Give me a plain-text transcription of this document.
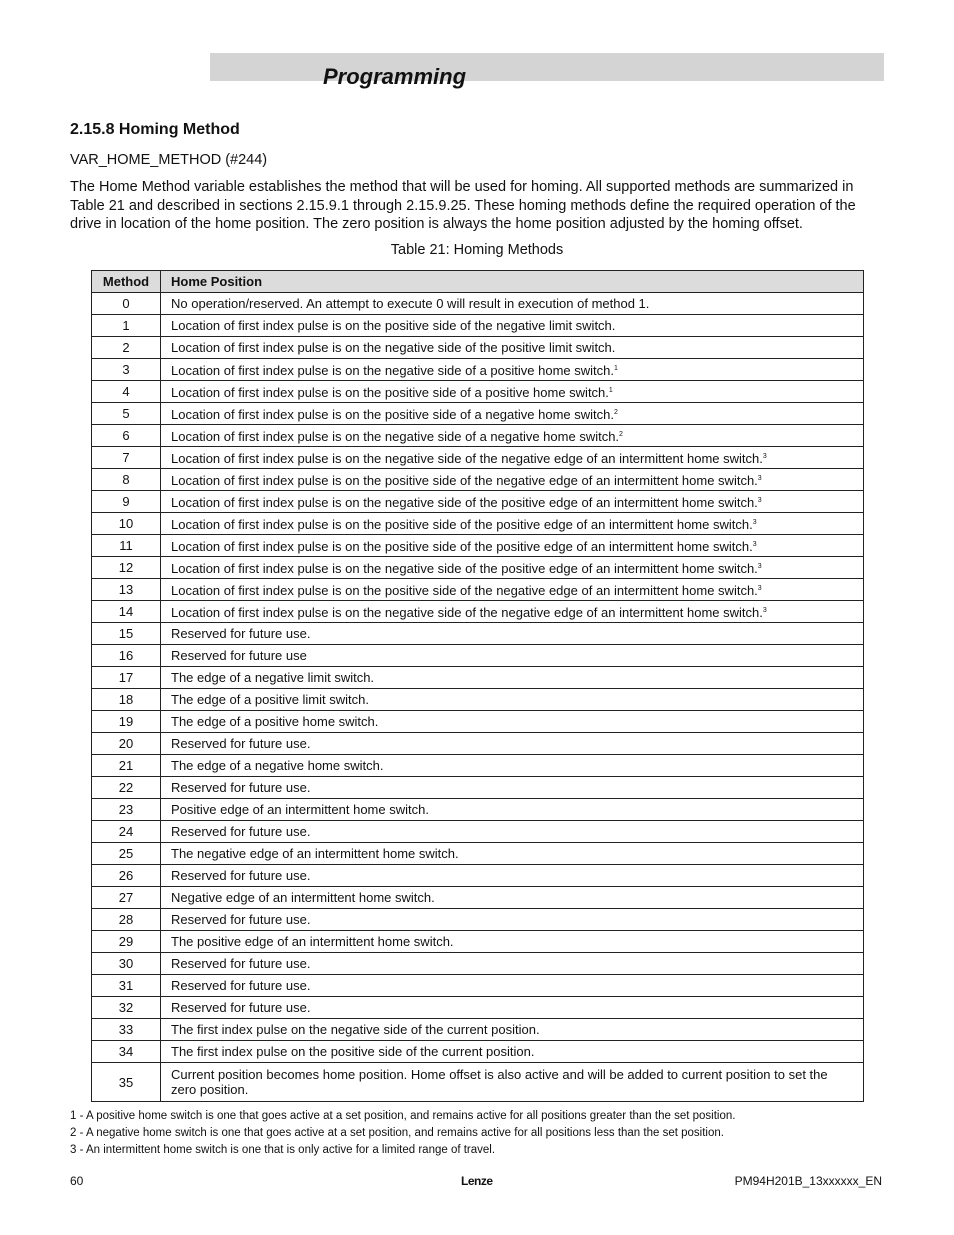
Programming
2.15.8 Homing Method
VAR_HOME_METHOD (#244)
The Home Method variable establishes the method that will be used for homing. All supported methods are summarized in Table 21 and described in sections 2.15.9.1 through 2.15.9.25. These homing methods define the required operation of the drive in location of the home position. The zero position is always the home position adjusted by the homing offset.
Table 21: Homing Methods
Method	Home Position
0	No operation/reserved. An attempt to execute 0 will result in execution of method 1.
1	Location of first index pulse is on the positive side of the negative limit switch.
2	Location of first index pulse is on the negative side of the positive limit switch.
3	Location of first index pulse is on the negative side of a positive home switch.$^1$
4	Location of first index pulse is on the positive side of a positive home switch.$^1$
5	Location of first index pulse is on the positive side of a negative home switch.$^2$
6	Location of first index pulse is on the negative side of a negative home switch.$^2$
7	Location of first index pulse is on the negative side of the negative edge of an intermittent home switch.$^3$
8	Location of first index pulse is on the positive side of the negative edge of an intermittent home switch.$^3$
9	Location of first index pulse is on the negative side of the positive edge of an intermittent home switch.$^3$
10	Location of first index pulse is on the positive side of the positive edge of an intermittent home switch.$^3$
11	Location of first index pulse is on the positive side of the positive edge of an intermittent home switch.$^3$
12	Location of first index pulse is on the negative side of the positive edge of an intermittent home switch.$^3$
13	Location of first index pulse is on the positive side of the negative edge of an intermittent home switch.$^3$
14	Location of first index pulse is on the negative side of the negative edge of an intermittent home switch.$^3$
15	Reserved for future use.
16	Reserved for future use
17	The edge of a negative limit switch.
18	The edge of a positive limit switch.
19	The edge of a positive home switch.
20	Reserved for future use.
21	The edge of a negative home switch.
22	Reserved for future use.
23	Positive edge of an intermittent home switch.
24	Reserved for future use.
25	The negative edge of an intermittent home switch.
26	Reserved for future use.
27	Negative edge of an intermittent home switch.
28	Reserved for future use.
29	The positive edge of an intermittent home switch.
30	Reserved for future use.
31	Reserved for future use.
32	Reserved for future use.
33	The first index pulse on the negative side of the current position.
34	The first index pulse on the positive side of the current position.
35	Current position becomes home position. Home offset is also active and will be added to current position to set the zero position.
1 - A positive home switch is one that goes active at a set position, and remains active for all positions greater than the set position.
2 - A negative home switch is one that goes active at a set position, and remains active for all positions less than the set position.
3 - An intermittent home switch is one that is only active for a limited range of travel.
60	Lenze	PM94H201B_13xxxxxx_EN
